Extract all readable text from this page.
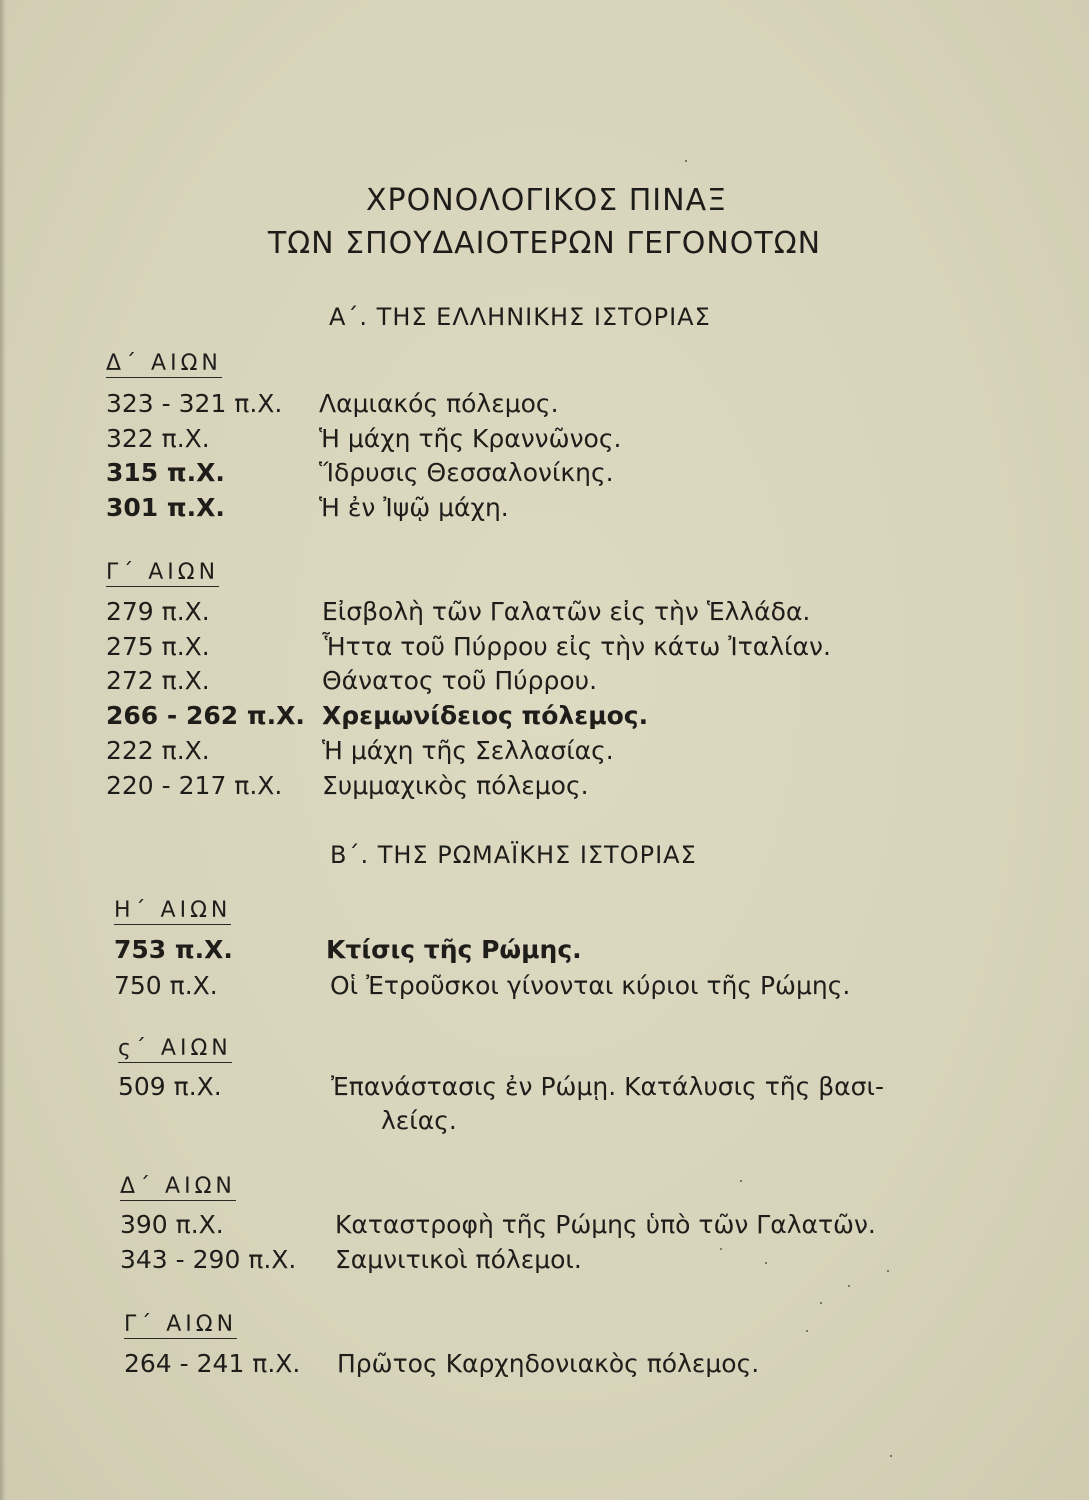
ΧΡΟΝΟΛΟΓΙΚΟΣ ΠΙΝΑΞ
ΤΩΝ ΣΠΟΥΔΑΙΟΤΕΡΩΝ ΓΕΓΟΝΟΤΩΝ
Α΄. ΤΗΣ ΕΛΛΗΝΙΚΗΣ ΙΣΤΟΡΙΑΣ
Δ΄ ΑΙΩΝ
323 - 321 π.Χ. Λαμιακός πόλεμος.
322 π.Χ.	Ἡ μάχη τῆς Κραννῶνος.
315 π.Χ.	Ἵδρυσις Θεσσαλονίκης.
301 π.Χ.	Ἡ ἐν Ἰψῷ μάχη.
Γ΄ ΑΙΩΝ
279 π.Χ.	Εἰσβολὴ τῶν Γαλατῶν εἰς τὴν Ἑλλάδα.
275 π.Χ.	Ἧττα τοῦ Πύρρου εἰς τὴν κάτω Ἰταλίαν.
272 π.Χ.	Θάνατος τοῦ Πύρρου.
266 - 262 π.Χ. Χρεμωνίδειος πόλεμος.
222 π.Χ.	Ἡ μάχη τῆς Σελλασίας.
220 - 217 π.Χ. Συμμαχικὸς πόλεμος.
Β΄. ΤΗΣ ΡΩΜΑΪΚΗΣ ΙΣΤΟΡΙΑΣ
Η΄ ΑΙΩΝ
753 π.Χ.	Κτίσις τῆς Ρώμης.
750 π.Χ.	Οἱ Ἐτροῦσκοι γίνονται κύριοι τῆς Ρώμης.
ς΄ ΑΙΩΝ
509 π.Χ.	Ἐπανάστασις ἐν Ρώμῃ. Κατάλυσις τῆς βασι-
λείας.
Δ΄ ΑΙΩΝ
390 π.Χ.	Καταστροφὴ τῆς Ρώμης ὑπὸ τῶν Γαλατῶν.
343 - 290 π.Χ. Σαμνιτικοὶ πόλεμοι.
Γ΄ ΑΙΩΝ
264 - 241 π.Χ. Πρῶτος Καρχηδονιακὸς πόλεμος.
